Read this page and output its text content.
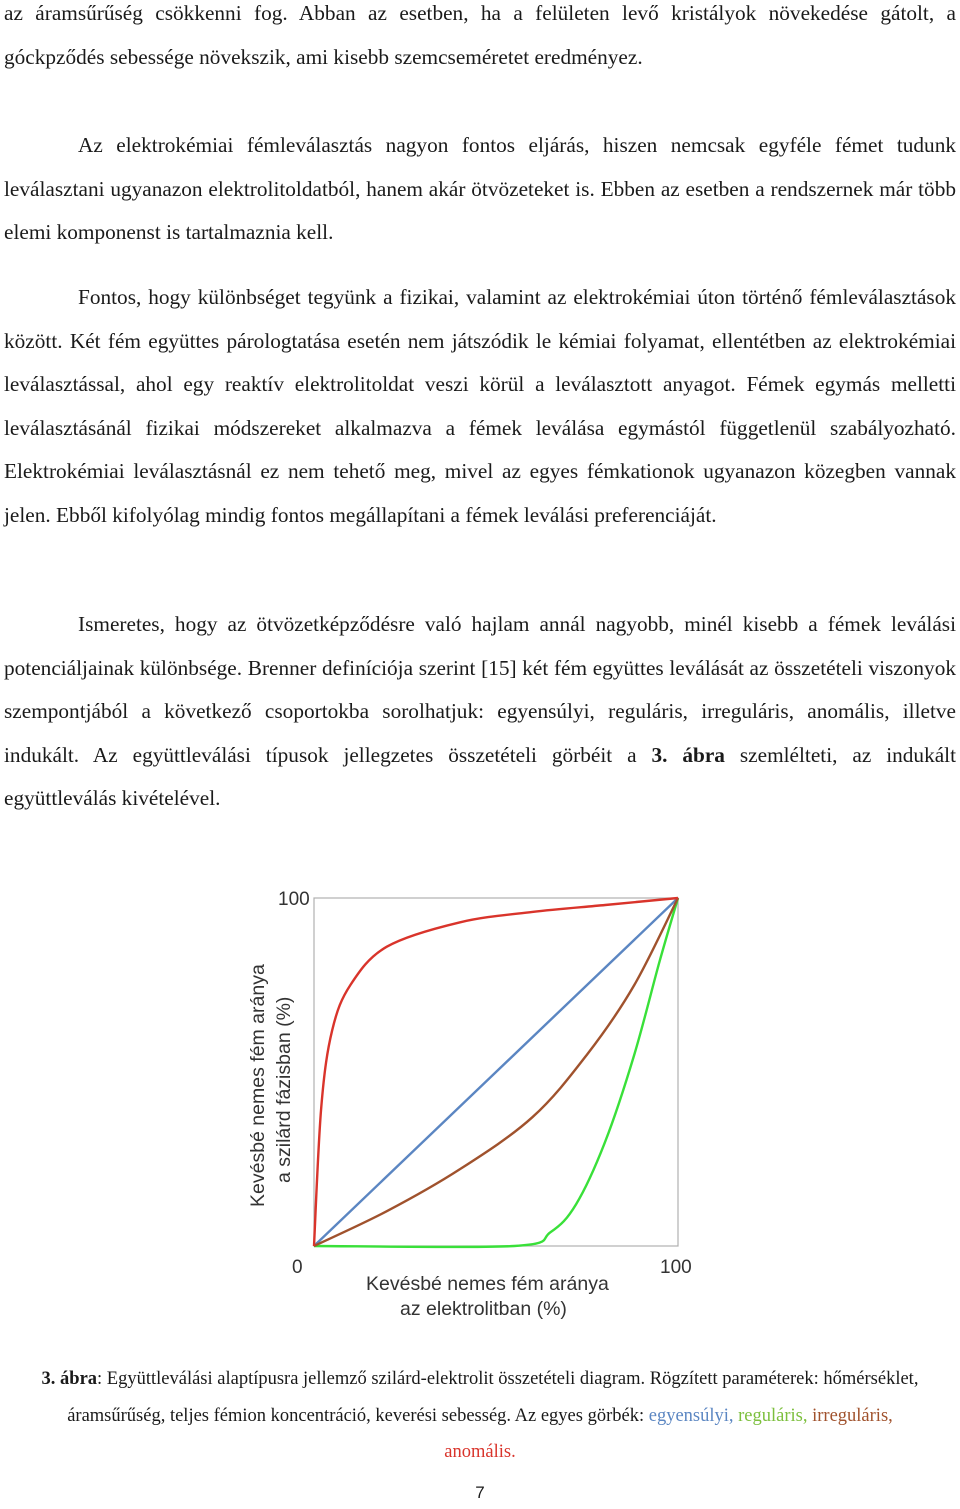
az áramsűrűség csökkenni fog. Abban az esetben, ha a felületen levő kristályok növekedése gátolt, a góckpződés sebessége növekszik, ami kisebb szemcseméretet eredményez.
Az elektrokémiai fémleválasztás nagyon fontos eljárás, hiszen nemcsak egyféle fémet tudunk leválasztani ugyanazon elektrolitoldatból, hanem akár ötvözeteket is. Ebben az esetben a rendszernek már több elemi komponenst is tartalmaznia kell.
Fontos, hogy különbséget tegyünk a fizikai, valamint az elektrokémiai úton történő fémleválasztások között. Két fém együttes párologtatása esetén nem játszódik le kémiai folyamat, ellentétben az elektrokémiai leválasztással, ahol egy reaktív elektrolitoldat veszi körül a leválasztott anyagot. Fémek egymás melletti leválasztásánál fizikai módszereket alkalmazva a fémek leválása egymástól függetlenül szabályozható. Elektrokémiai leválasztásnál ez nem tehető meg, mivel az egyes fémkationok ugyanazon közegben vannak jelen. Ebből kifolyólag mindig fontos megállapítani a fémek leválási preferenciáját.
Ismeretes, hogy az ötvözetképződésre való hajlam annál nagyobb, minél kisebb a fémek leválási potenciáljainak különbsége. Brenner definíciója szerint [15] két fém együttes leválását az összetételi viszonyok szempontjából a következő csoportokba sorolhatjuk: egyensúlyi, reguláris, irreguláris, anomális, illetve indukált. Az együttleválási típusok jellegzetes összetételi görbéit a 3. ábra szemlélteti, az indukált együttleválás kivételével.
100
0	100
Kevésbé nemes fém aránya
az elektrolitban (%)
Kevésbé nemes fém aránya a szilárd fázisban (%)
3. ábra: Együttleválási alaptípusra jellemző szilárd-elektrolit összetételi diagram. Rögzített paraméterek: hőmérséklet, áramsűrűség, teljes fémion koncentráció, keverési sebesség. Az egyes görbék: egyensúlyi, reguláris, irreguláris, anomális.
7
